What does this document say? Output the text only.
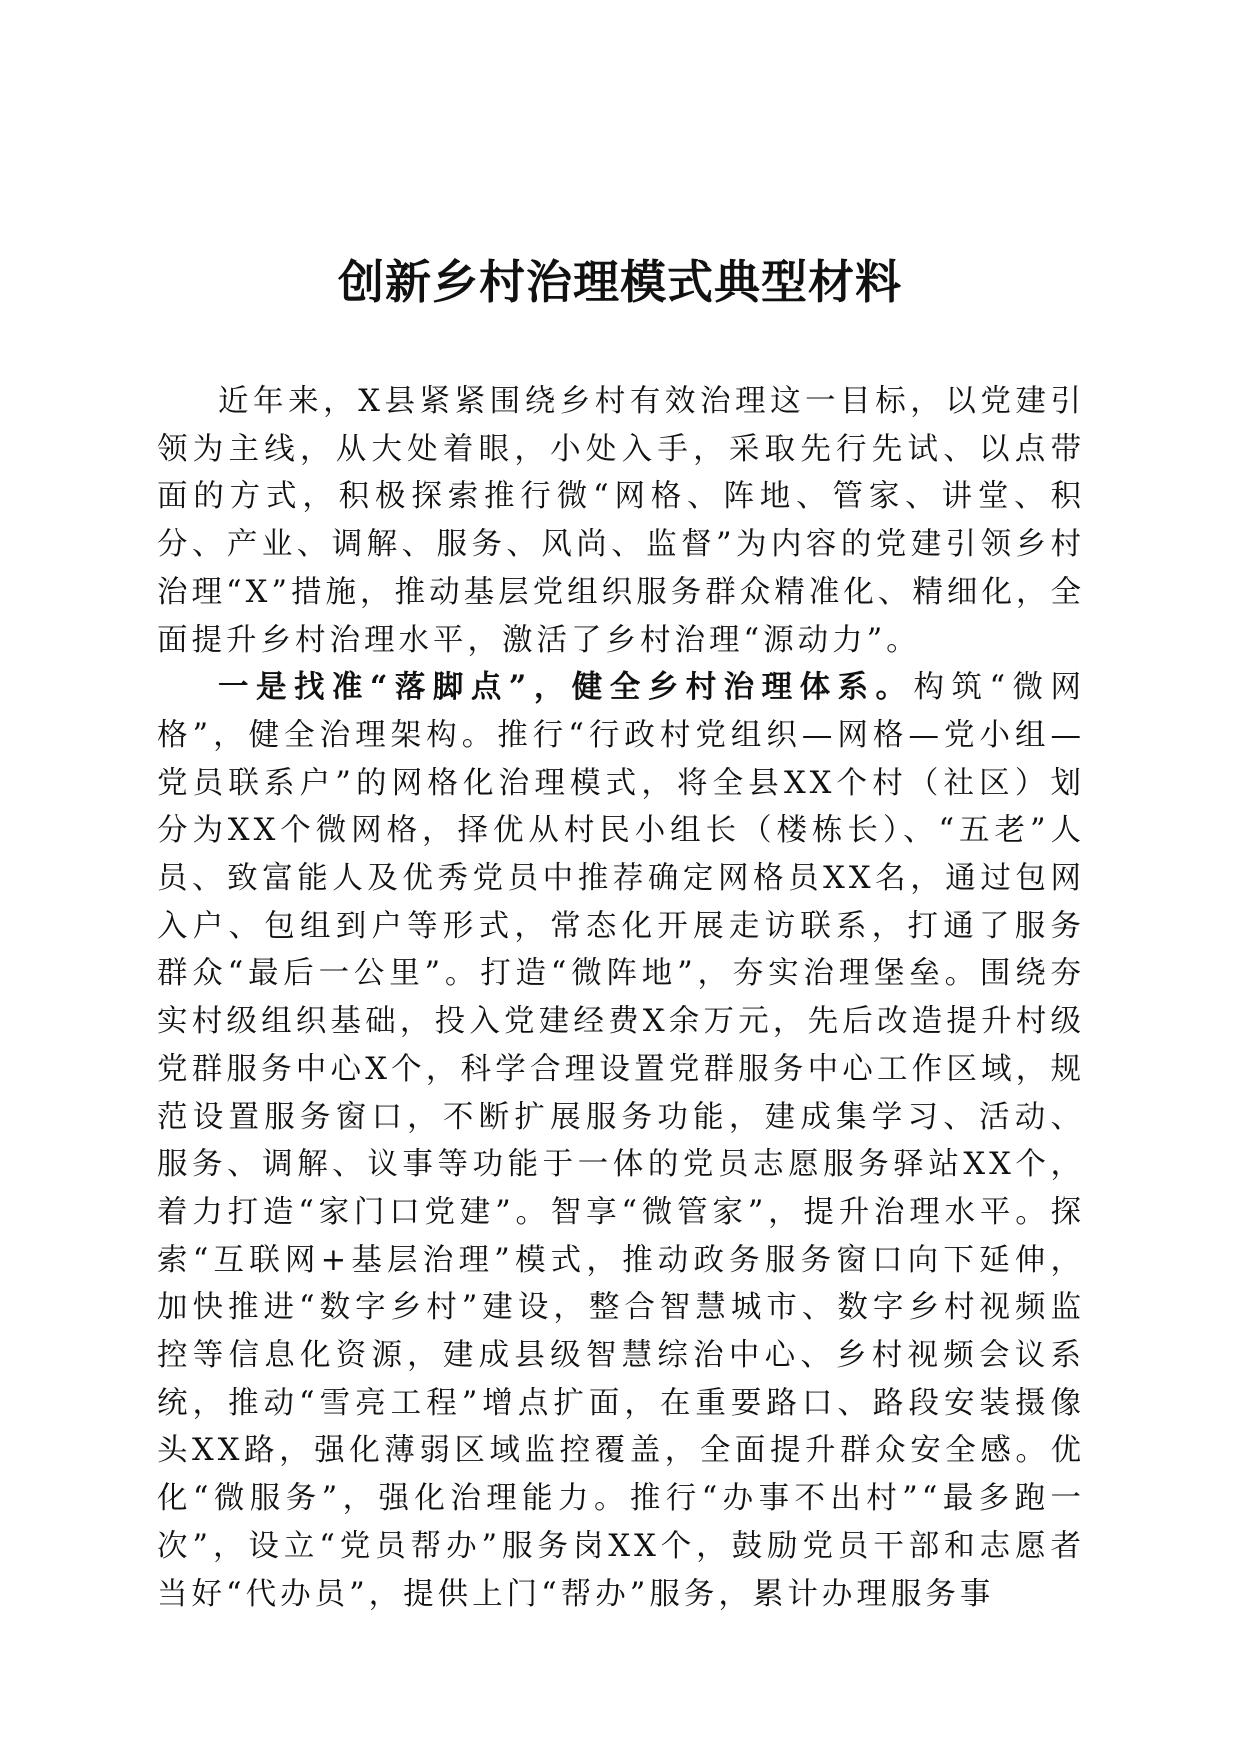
创新乡村治理模式典型材料

近年来，X县紧紧围绕乡村有效治理这一目标，以党建引领为主线，从大处着眼，小处入手，采取先行先试、以点带面的方式，积极探索推行微“网格、阵地、管家、讲堂、积分、产业、调解、服务、风尚、监督”为内容的党建引领乡村治理“X”措施，推动基层党组织服务群众精准化、精细化，全面提升乡村治理水平，激活了乡村治理“源动力”。

一是找准“落脚点”，健全乡村治理体系。构筑“微网格”，健全治理架构。推行“行政村党组织—网格—党小组—党员联系户”的网格化治理模式，将全县XX个村（社区）划分为XX个微网格，择优从村民小组长（楼栋长）、“五老”人员、致富能人及优秀党员中推荐确定网格员XX名，通过包网入户、包组到户等形式，常态化开展走访联系，打通了服务群众“最后一公里”。打造“微阵地”，夯实治理堡垒。围绕夯实村级组织基础，投入党建经费X余万元，先后改造提升村级党群服务中心X个，科学合理设置党群服务中心工作区域，规范设置服务窗口，不断扩展服务功能，建成集学习、活动、服务、调解、议事等功能于一体的党员志愿服务驿站XX个，着力打造“家门口党建”。智享“微管家”，提升治理水平。探索“互联网+基层治理”模式，推动政务服务窗口向下延伸，加快推进“数字乡村”建设，整合智慧城市、数字乡村视频监控等信息化资源，建成县级智慧综治中心、乡村视频会议系统，推动“雪亮工程”增点扩面，在重要路口、路段安装摄像头XX路，强化薄弱区域监控覆盖，全面提升群众安全感。优化“微服务”，强化治理能力。推行“办事不出村”“最多跑一次”，设立“党员帮办”服务岗XX个，鼓励党员干部和志愿者当好“代办员”，提供上门“帮办”服务，累计办理服务事
